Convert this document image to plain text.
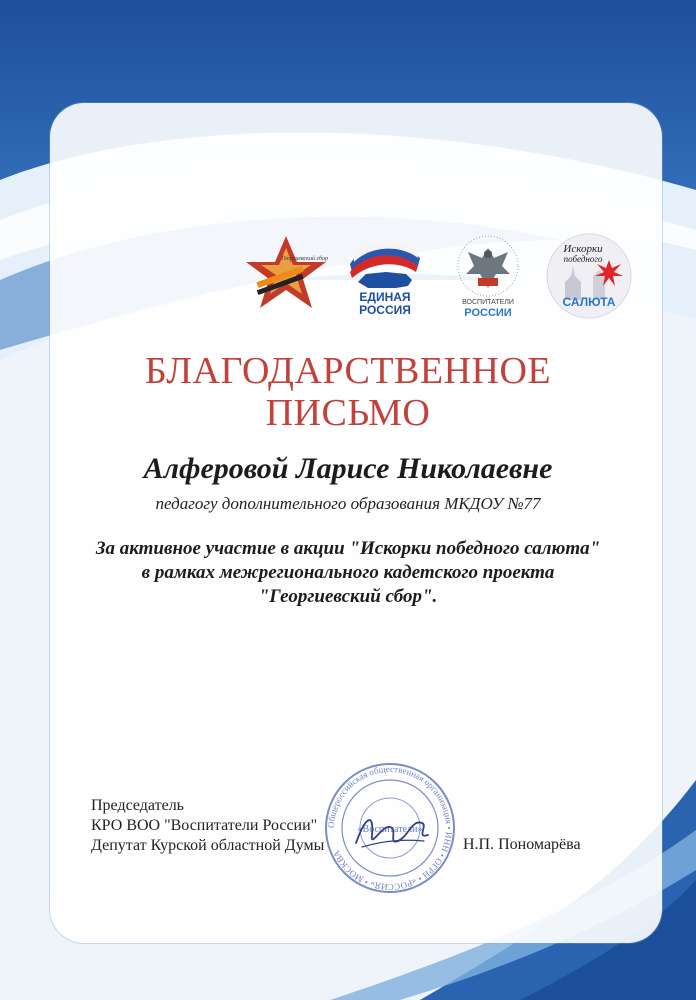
Георгиевский сбор
ЕДИНАЯ
РОССИЯ
ВОСПИТАТЕЛИ
РОССИИ
Искорки
победного
САЛЮТА
БЛАГОДАРСТВЕННОЕ
ПИСЬМО
Алферовой Ларисе Николаевне
педагогу дополнительного образования МКДОУ №77
За активное участие в акции "Искорки победного салюта"
в рамках межрегионального кадетского проекта
"Георгиевский сбор".
Председатель
КРО ВОО "Воспитатели России"
Депутат Курской областной Думы	Н.П. Пономарёва
Общероссийская общественная организация • ИНН • ОГРН • «РОССИЯ» • МОСКВА
«Воспитатели»
